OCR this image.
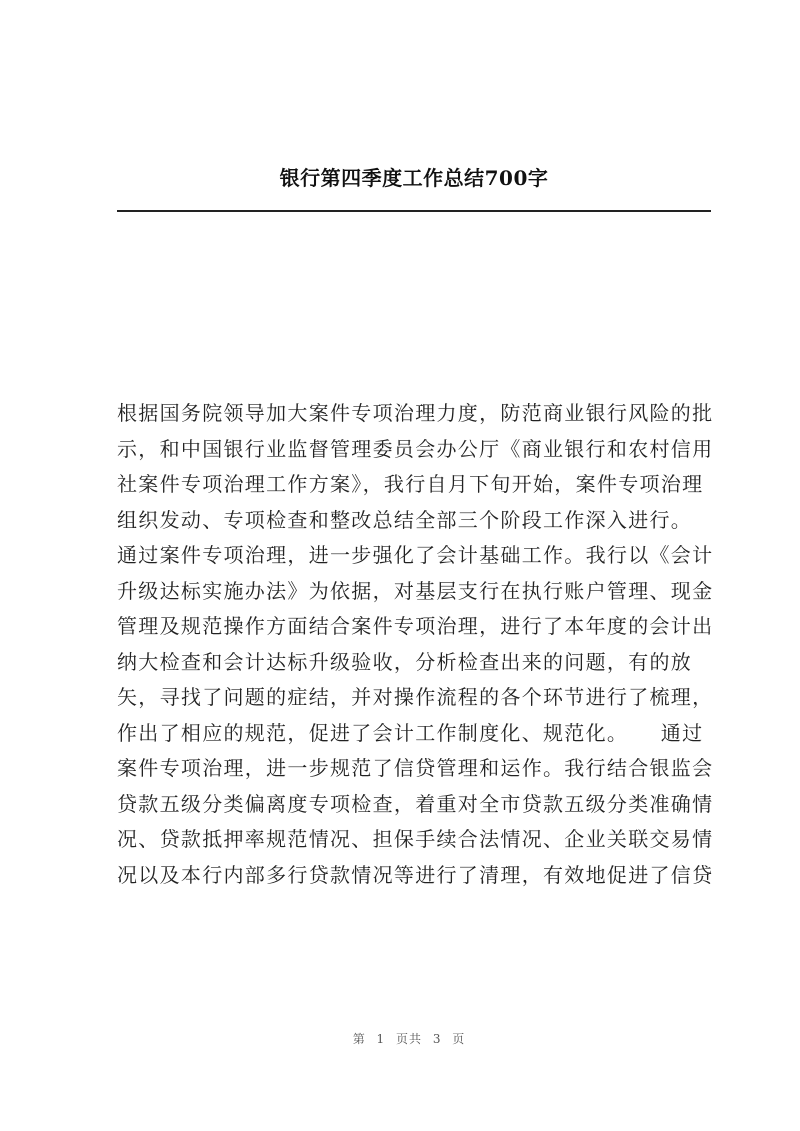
银行第四季度工作总结700字
根据国务院领导加大案件专项治理力度，防范商业银行风险的批
示，和中国银行业监督管理委员会办公厅《商业银行和农村信用
社案件专项治理工作方案》，我行自月下旬开始，案件专项治理
组织发动、专项检查和整改总结全部三个阶段工作深入进行。
通过案件专项治理，进一步强化了会计基础工作。我行以《会计
升级达标实施办法》为依据，对基层支行在执行账户管理、现金
管理及规范操作方面结合案件专项治理，进行了本年度的会计出
纳大检查和会计达标升级验收，分析检查出来的问题，有的放
矢，寻找了问题的症结，并对操作流程的各个环节进行了梳理，
作出了相应的规范，促进了会计工作制度化、规范化。　　通过
案件专项治理，进一步规范了信贷管理和运作。我行结合银监会
贷款五级分类偏离度专项检查，着重对全市贷款五级分类准确情
况、贷款抵押率规范情况、担保手续合法情况、企业关联交易情
况以及本行内部多行贷款情况等进行了清理，有效地促进了信贷
第 1 页共 3 页
